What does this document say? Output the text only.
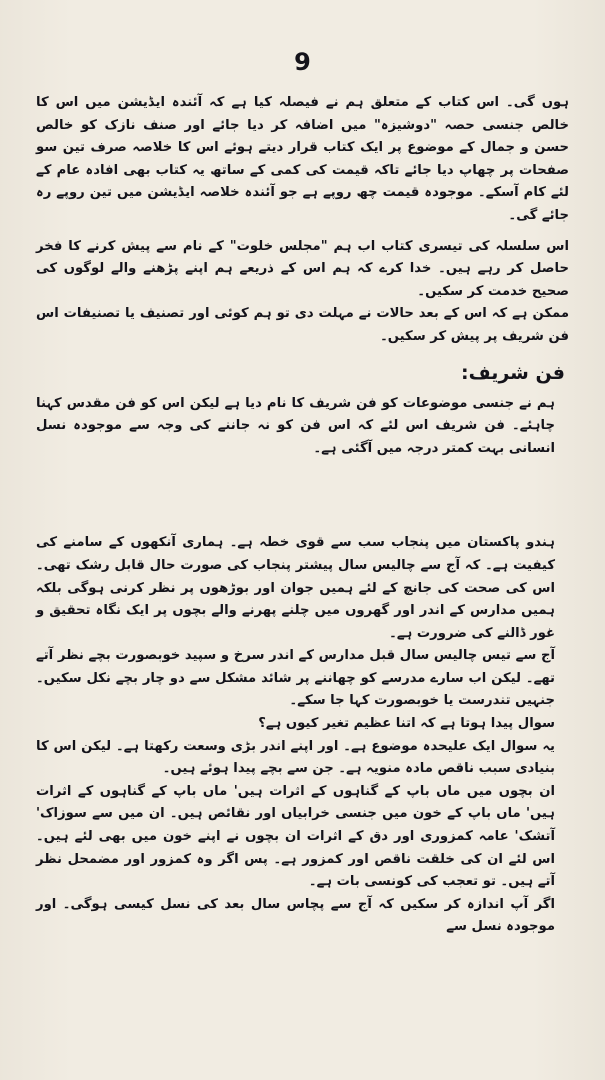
9

ہوں گی۔ اس کتاب کے متعلق ہم نے فیصلہ کیا ہے کہ آئندہ ایڈیشن میں اس کا خالص جنسی حصہ "دوشیزہ" میں اضافہ کر دیا جائے اور صنف نازک کو خالص حسن و جمال کے موضوع پر ایک کتاب قرار دیتے ہوئے اس کا خلاصہ صرف تین سو صفحات پر چھاپ دیا جائے تاکہ قیمت کی کمی کے ساتھ یہ کتاب بھی افادہ عام کے لئے کام آسکے۔ موجودہ قیمت چھ روپے ہے جو آئندہ خلاصہ ایڈیشن میں تین روپے رہ جائے گی۔

اس سلسلہ کی تیسری کتاب اب ہم "مجلس خلوت" کے نام سے پیش کرنے کا فخر حاصل کر رہے ہیں۔ خدا کرے کہ ہم اس کے ذریعے ہم اپنے پڑھنے والے لوگوں کی صحیح خدمت کر سکیں۔

ممکن ہے کہ اس کے بعد حالات نے مہلت دی تو ہم کوئی اور تصنیف یا تصنیفات اس فن شریف پر پیش کر سکیں۔

فن شریف:

ہم نے جنسی موضوعات کو فن شریف کا نام دیا ہے لیکن اس کو فن مقدس کہنا چاہئے۔ فن شریف اس لئے کہ اس فن کو نہ جاننے کی وجہ سے موجودہ نسل انسانی بہت کمتر درجہ میں آگئی ہے۔

ہندو پاکستان میں پنجاب سب سے قوی خطہ ہے۔ ہماری آنکھوں کے سامنے کی کیفیت ہے۔ کہ آج سے چالیس سال پیشتر پنجاب کی صورت حال قابل رشک تھی۔ اس کی صحت کی جانچ کے لئے ہمیں جوان اور بوڑھوں پر نظر کرنی ہوگی بلکہ ہمیں مدارس کے اندر اور گھروں میں چلنے پھرنے والے بچوں پر ایک نگاہ تحقیق و غور ڈالنے کی ضرورت ہے۔

آج سے تیس چالیس سال قبل مدارس کے اندر سرخ و سپید خوبصورت بچے نظر آتے تھے۔ لیکن اب سارے مدرسے کو چھاننے پر شائد مشکل سے دو چار بچے نکل سکیں۔ جنہیں تندرست یا خوبصورت کہا جا سکے۔

سوال پیدا ہوتا ہے کہ اتنا عظیم تغیر کیوں ہے؟

یہ سوال ایک علیحدہ موضوع ہے۔ اور اپنے اندر بڑی وسعت رکھتا ہے۔ لیکن اس کا بنیادی سبب ناقص مادہ منویہ ہے۔ جن سے بچے پیدا ہوئے ہیں۔

ان بچوں میں ماں باپ کے گناہوں کے اثرات ہیں' ماں باپ کے گناہوں کے اثرات ہیں' ماں باپ کے خون میں جنسی خرابیاں اور نقائص ہیں۔ ان میں سے سوزاک' آتشک' عامہ کمزوری اور دق کے اثرات ان بچوں نے اپنے خون میں بھی لئے ہیں۔ اس لئے ان کی خلقت ناقص اور کمزور ہے۔ پس اگر وہ کمزور اور مضمحل نظر آتے ہیں۔ تو تعجب کی کونسی بات ہے۔

اگر آپ اندازہ کر سکیں کہ آج سے پچاس سال بعد کی نسل کیسی ہوگی۔ اور موجودہ نسل سے
